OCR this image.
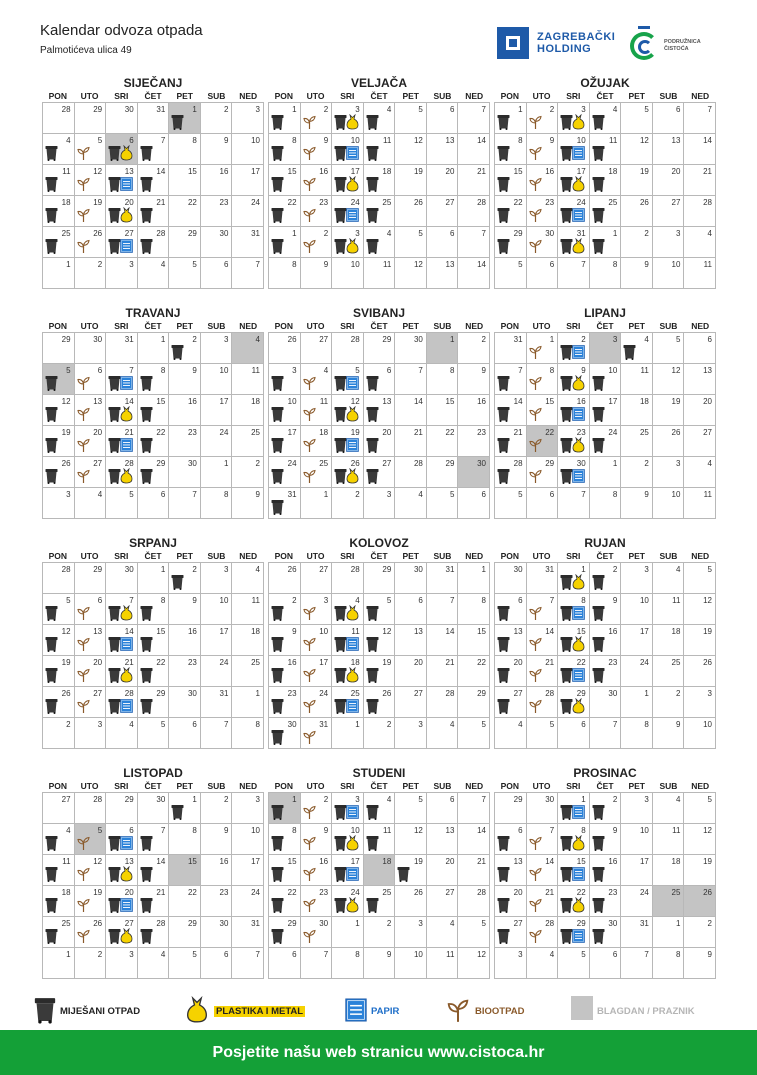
Kalendar odvoza otpada
Palmotićeva ulica 49
ZAGREBAČKI
HOLDING
PODRUŽNICA
ČISTOĆA
SIJEČANJ
PON	UTO	SRI	ČET	PET	SUB	NED
28	29	30	31	1	2	3
4	5	6	7	8	9	10
11	12	13	14	15	16	17
18	19	20	21	22	23	24
25	26	27	28	29	30	31
1	2	3	4	5	6	7
VELJAČA
PON	UTO	SRI	ČET	PET	SUB	NED
1	2	3	4	5	6	7
8	9	10	11	12	13	14
15	16	17	18	19	20	21
22	23	24	25	26	27	28
1	2	3	4	5	6	7
8	9	10	11	12	13	14
OŽUJAK
PON	UTO	SRI	ČET	PET	SUB	NED
1	2	3	4	5	6	7
8	9	10	11	12	13	14
15	16	17	18	19	20	21
22	23	24	25	26	27	28
29	30	31	1	2	3	4
5	6	7	8	9	10	11
TRAVANJ
PON	UTO	SRI	ČET	PET	SUB	NED
29	30	31	1	2	3	4
5	6	7	8	9	10	11
12	13	14	15	16	17	18
19	20	21	22	23	24	25
26	27	28	29	30	1	2
3	4	5	6	7	8	9
SVIBANJ
PON	UTO	SRI	ČET	PET	SUB	NED
26	27	28	29	30	1	2
3	4	5	6	7	8	9
10	11	12	13	14	15	16
17	18	19	20	21	22	23
24	25	26	27	28	29	30
31	1	2	3	4	5	6
LIPANJ
PON	UTO	SRI	ČET	PET	SUB	NED
31	1	2	3	4	5	6
7	8	9	10	11	12	13
14	15	16	17	18	19	20
21	22	23	24	25	26	27
28	29	30	1	2	3	4
5	6	7	8	9	10	11
SRPANJ
PON	UTO	SRI	ČET	PET	SUB	NED
28	29	30	1	2	3	4
5	6	7	8	9	10	11
12	13	14	15	16	17	18
19	20	21	22	23	24	25
26	27	28	29	30	31	1
2	3	4	5	6	7	8
KOLOVOZ
PON	UTO	SRI	ČET	PET	SUB	NED
26	27	28	29	30	31	1
2	3	4	5	6	7	8
9	10	11	12	13	14	15
16	17	18	19	20	21	22
23	24	25	26	27	28	29
30	31	1	2	3	4	5
RUJAN
PON	UTO	SRI	ČET	PET	SUB	NED
30	31	1	2	3	4	5
6	7	8	9	10	11	12
13	14	15	16	17	18	19
20	21	22	23	24	25	26
27	28	29	30	1	2	3
4	5	6	7	8	9	10
LISTOPAD
PON	UTO	SRI	ČET	PET	SUB	NED
27	28	29	30	1	2	3
4	5	6	7	8	9	10
11	12	13	14	15	16	17
18	19	20	21	22	23	24
25	26	27	28	29	30	31
1	2	3	4	5	6	7
STUDENI
PON	UTO	SRI	ČET	PET	SUB	NED
1	2	3	4	5	6	7
8	9	10	11	12	13	14
15	16	17	18	19	20	21
22	23	24	25	26	27	28
29	30	1	2	3	4	5
6	7	8	9	10	11	12
PROSINAC
PON	UTO	SRI	ČET	PET	SUB	NED
29	30	1	2	3	4	5
6	7	8	9	10	11	12
13	14	15	16	17	18	19
20	21	22	23	24	25	26
27	28	29	30	31	1	2
3	4	5	6	7	8	9
MIJEŠANI OTPAD	PLASTIKA I METAL	PAPIR	BIOOTPAD	BLAGDAN / PRAZNIK
Posjetite našu web stranicu www.cistoca.hr
